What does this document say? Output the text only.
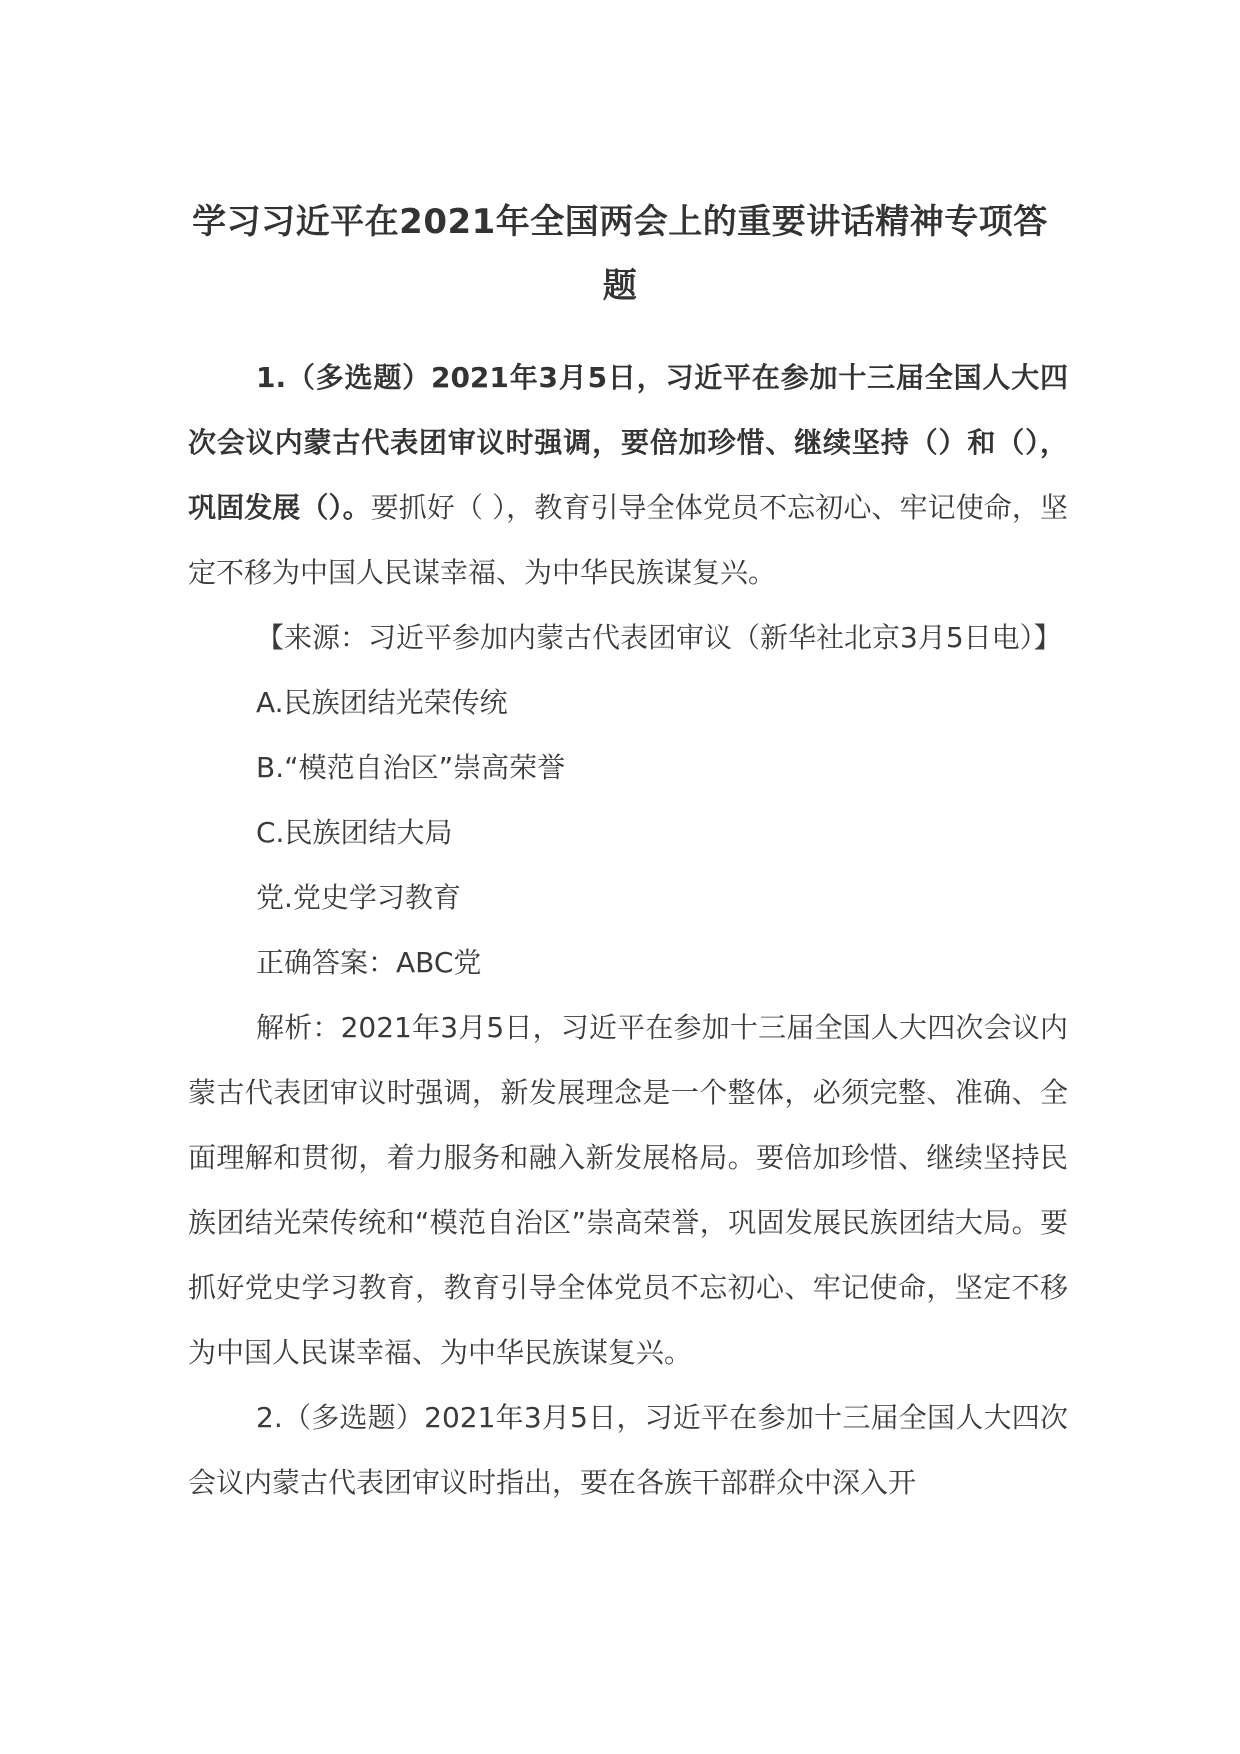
学习习近平在2021年全国两会上的重要讲话精神专项答题

1.（多选题）2021年3月5日，习近平在参加十三届全国人大四次会议内蒙古代表团审议时强调，要倍加珍惜、继续坚持（）和（），巩固发展（）。要抓好（ ），教育引导全体党员不忘初心、牢记使命，坚定不移为中国人民谋幸福、为中华民族谋复兴。

【来源：习近平参加内蒙古代表团审议（新华社北京3月5日电）】

A.民族团结光荣传统

B.“模范自治区”崇高荣誉

C.民族团结大局

党.党史学习教育

正确答案：ABC党

解析：2021年3月5日，习近平在参加十三届全国人大四次会议内蒙古代表团审议时强调，新发展理念是一个整体，必须完整、准确、全面理解和贯彻，着力服务和融入新发展格局。要倍加珍惜、继续坚持民族团结光荣传统和“模范自治区”崇高荣誉，巩固发展民族团结大局。要抓好党史学习教育，教育引导全体党员不忘初心、牢记使命，坚定不移为中国人民谋幸福、为中华民族谋复兴。

2.（多选题）2021年3月5日，习近平在参加十三届全国人大四次会议内蒙古代表团审议时指出，要在各族干部群众中深入开
